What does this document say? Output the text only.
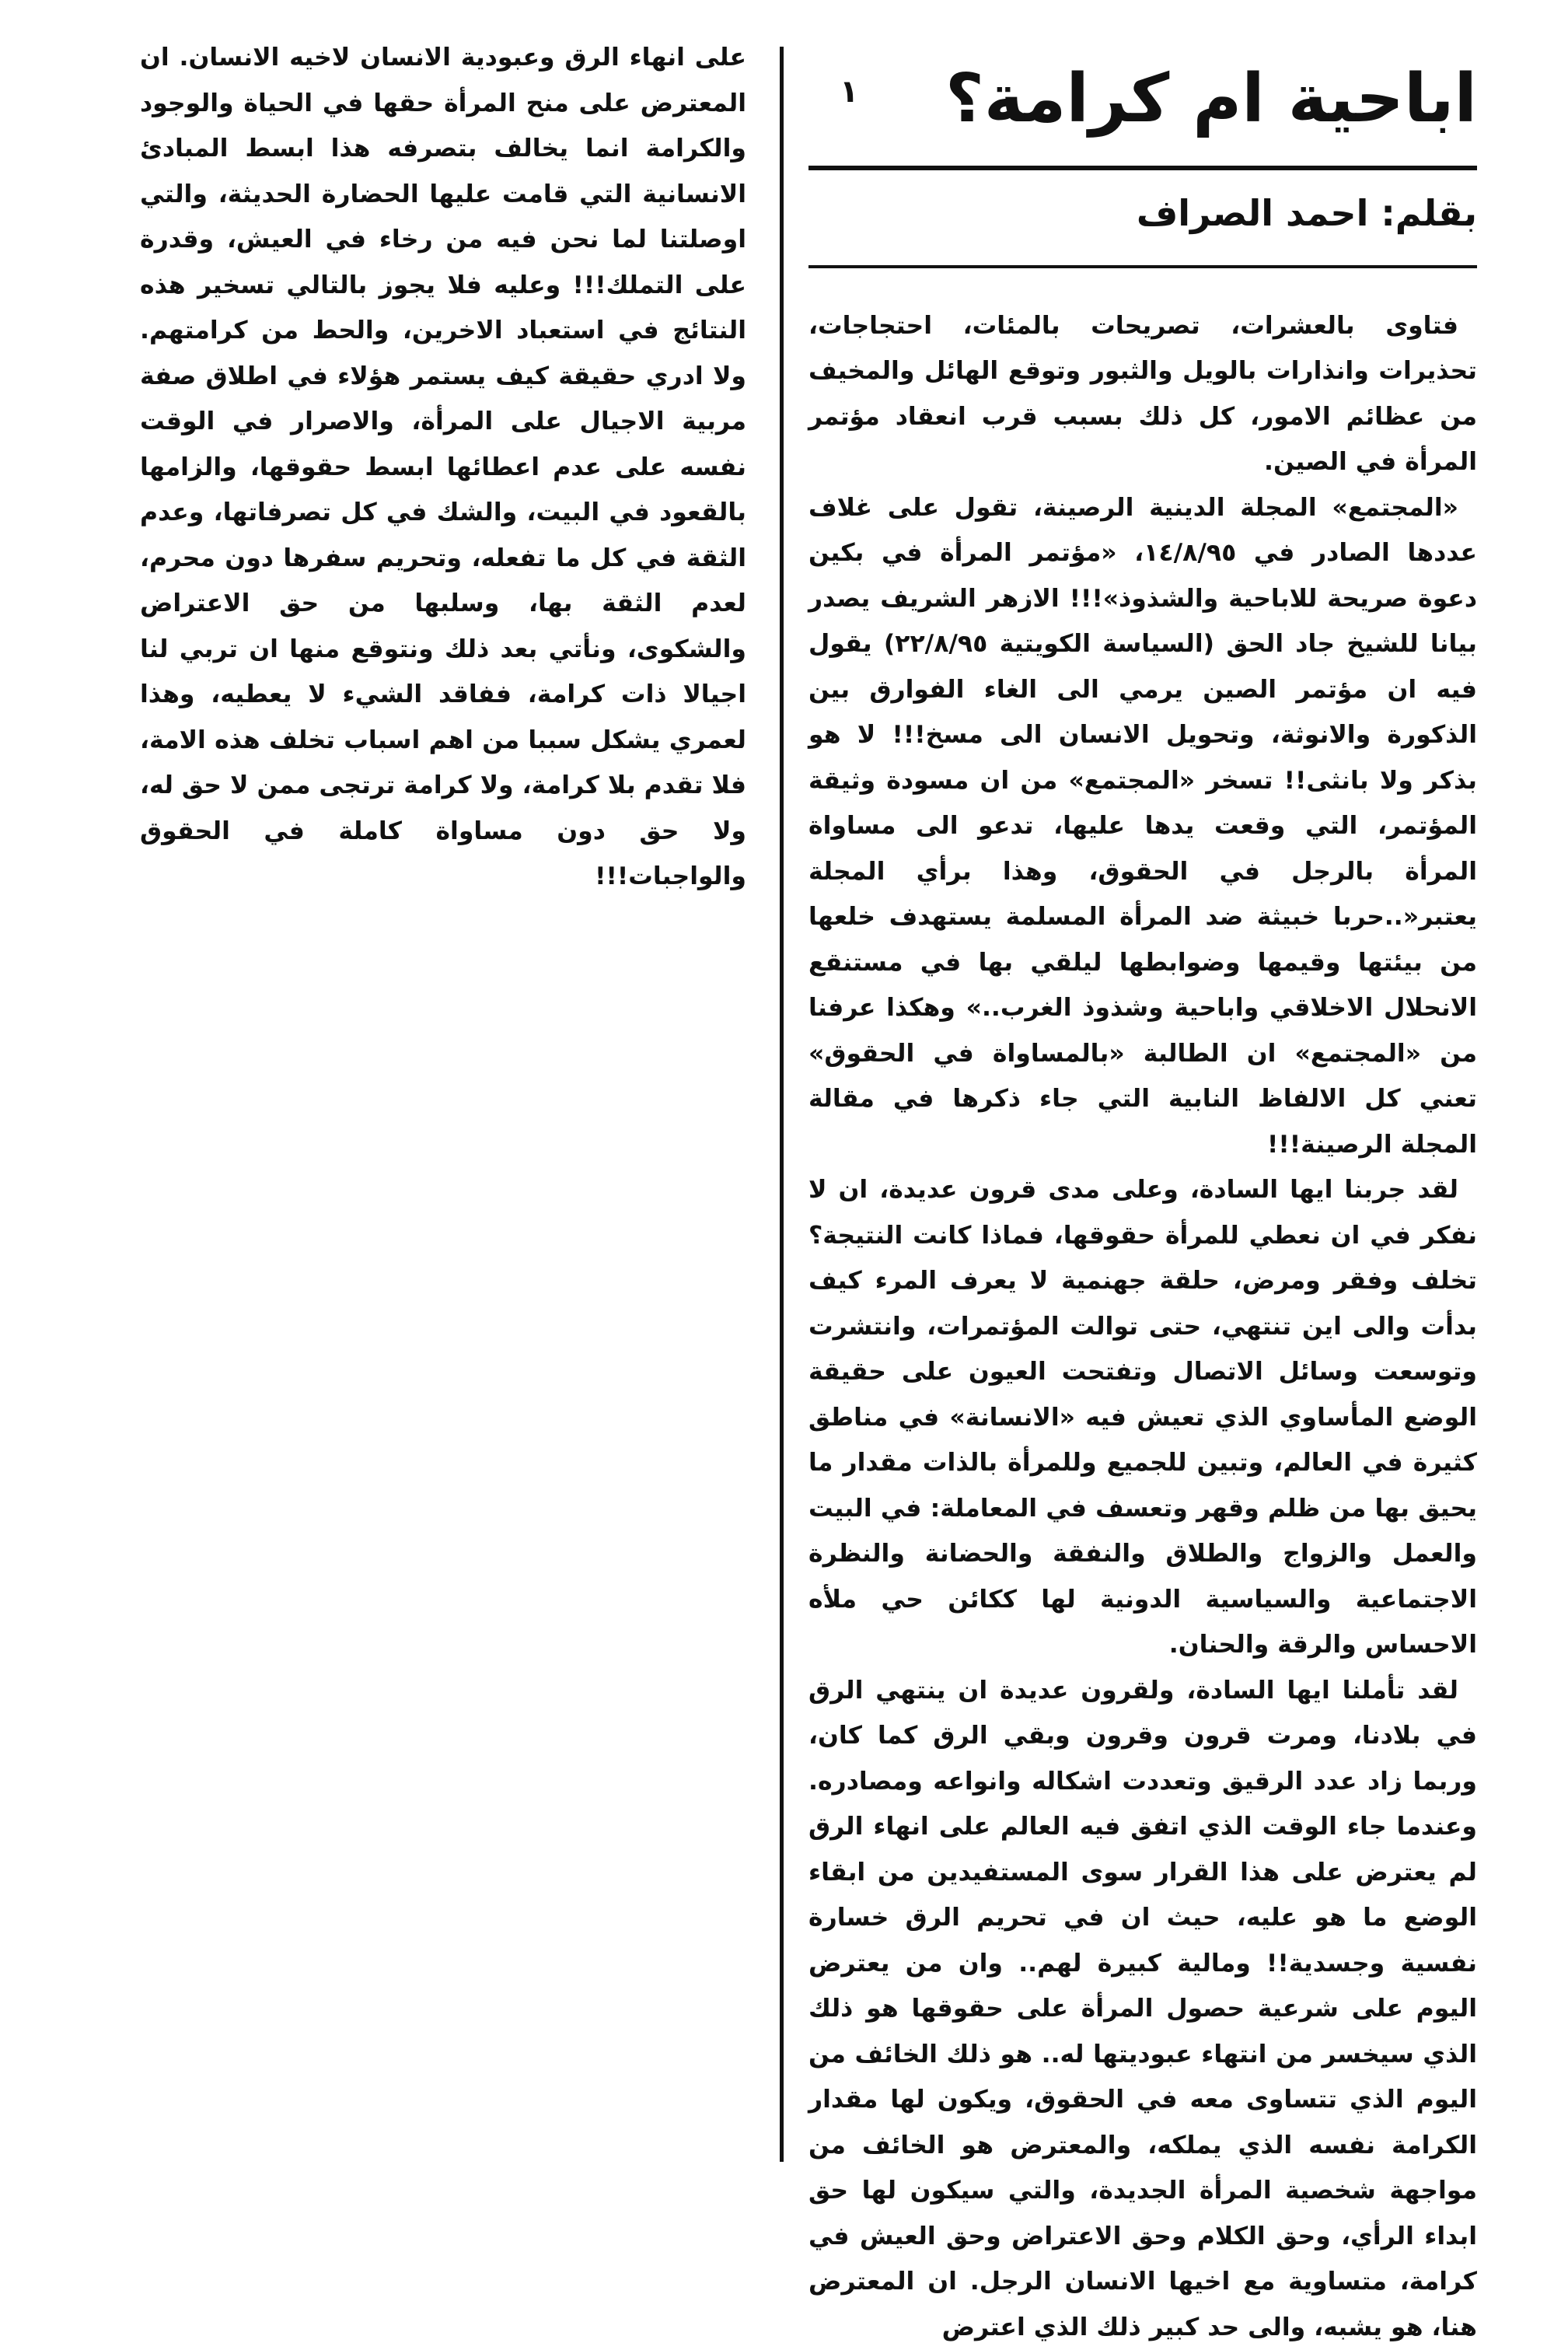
على انهاء الرق وعبودية الانسان لاخيه الانسان. ان المعترض على منح المرأة حقها في الحياة والوجود والكرامة انما يخالف بتصرفه هذا ابسط المبادئ الانسانية التي قامت عليها الحضارة الحديثة، والتي اوصلتنا لما نحن فيه من رخاء في العيش، وقدرة على التملك!!! وعليه فلا يجوز بالتالي تسخير هذه النتائج في استعباد الاخرين، والحط من كرامتهم. ولا ادري حقيقة كيف يستمر هؤلاء في اطلاق صفة مربية الاجيال على المرأة، والاصرار في الوقت نفسه على عدم اعطائها ابسط حقوقها، والزامها بالقعود في البيت، والشك في كل تصرفاتها، وعدم الثقة في كل ما تفعله، وتحريم سفرها دون محرم، لعدم الثقة بها، وسلبها من حق الاعتراض والشكوى، ونأتي بعد ذلك ونتوقع منها ان تربي لنا اجيالا ذات كرامة، ففاقد الشيء لا يعطيه، وهذا لعمري يشكل سببا من اهم اسباب تخلف هذه الامة، فلا تقدم بلا كرامة، ولا كرامة ترتجى ممن لا حق له، ولا حق دون مساواة كاملة في الحقوق والواجبات!!!

١	اباحية ام كرامة؟

بقلم: احمد الصراف

فتاوى بالعشرات، تصريحات بالمئات، احتجاجات، تحذيرات وانذارات بالويل والثبور وتوقع الهائل والمخيف من عظائم الامور، كل ذلك بسبب قرب انعقاد مؤتمر المرأة في الصين.

«المجتمع» المجلة الدينية الرصينة، تقول على غلاف عددها الصادر في ١٤/٨/٩٥، «مؤتمر المرأة في بكين دعوة صريحة للاباحية والشذوذ»!!! الازهر الشريف يصدر بيانا للشيخ جاد الحق (السياسة الكويتية ٢٢/٨/٩٥) يقول فيه ان مؤتمر الصين يرمي الى الغاء الفوارق بين الذكورة والانوثة، وتحويل الانسان الى مسخ!!! لا هو بذكر ولا بانثى!! تسخر «المجتمع» من ان مسودة وثيقة المؤتمر، التي وقعت يدها عليها، تدعو الى مساواة المرأة بالرجل في الحقوق، وهذا برأي المجلة يعتبر«..حربا خبيثة ضد المرأة المسلمة يستهدف خلعها من بيئتها وقيمها وضوابطها ليلقي بها في مستنقع الانحلال الاخلاقي واباحية وشذوذ الغرب..» وهكذا عرفنا من «المجتمع» ان الطالبة «بالمساواة في الحقوق» تعني كل الالفاظ النابية التي جاء ذكرها في مقالة المجلة الرصينة!!!

لقد جربنا ايها السادة، وعلى مدى قرون عديدة، ان لا نفكر في ان نعطي للمرأة حقوقها، فماذا كانت النتيجة؟ تخلف وفقر ومرض، حلقة جهنمية لا يعرف المرء كيف بدأت والى اين تنتهي، حتى توالت المؤتمرات، وانتشرت وتوسعت وسائل الاتصال وتفتحت العيون على حقيقة الوضع المأساوي الذي تعيش فيه «الانسانة» في مناطق كثيرة في العالم، وتبين للجميع وللمرأة بالذات مقدار ما يحيق بها من ظلم وقهر وتعسف في المعاملة: في البيت والعمل والزواج والطلاق والنفقة والحضانة والنظرة الاجتماعية والسياسية الدونية لها ككائن حي ملأه الاحساس والرقة والحنان.

لقد تأملنا ايها السادة، ولقرون عديدة ان ينتهي الرق في بلادنا، ومرت قرون وقرون وبقي الرق كما كان، وربما زاد عدد الرقيق وتعددت اشكاله وانواعه ومصادره. وعندما جاء الوقت الذي اتفق فيه العالم على انهاء الرق لم يعترض على هذا القرار سوى المستفيدين من ابقاء الوضع ما هو عليه، حيث ان في تحريم الرق خسارة نفسية وجسدية!! ومالية كبيرة لهم.. وان من يعترض اليوم على شرعية حصول المرأة على حقوقها هو ذلك الذي سيخسر من انتهاء عبوديتها له.. هو ذلك الخائف من اليوم الذي تتساوى معه في الحقوق، ويكون لها مقدار الكرامة نفسه الذي يملكه، والمعترض هو الخائف من مواجهة شخصية المرأة الجديدة، والتي سيكون لها حق ابداء الرأي، وحق الكلام وحق الاعتراض وحق العيش في كرامة، متساوية مع اخيها الانسان الرجل. ان المعترض هنا، هو يشبه، والى حد كبير ذلك الذي اعترض
